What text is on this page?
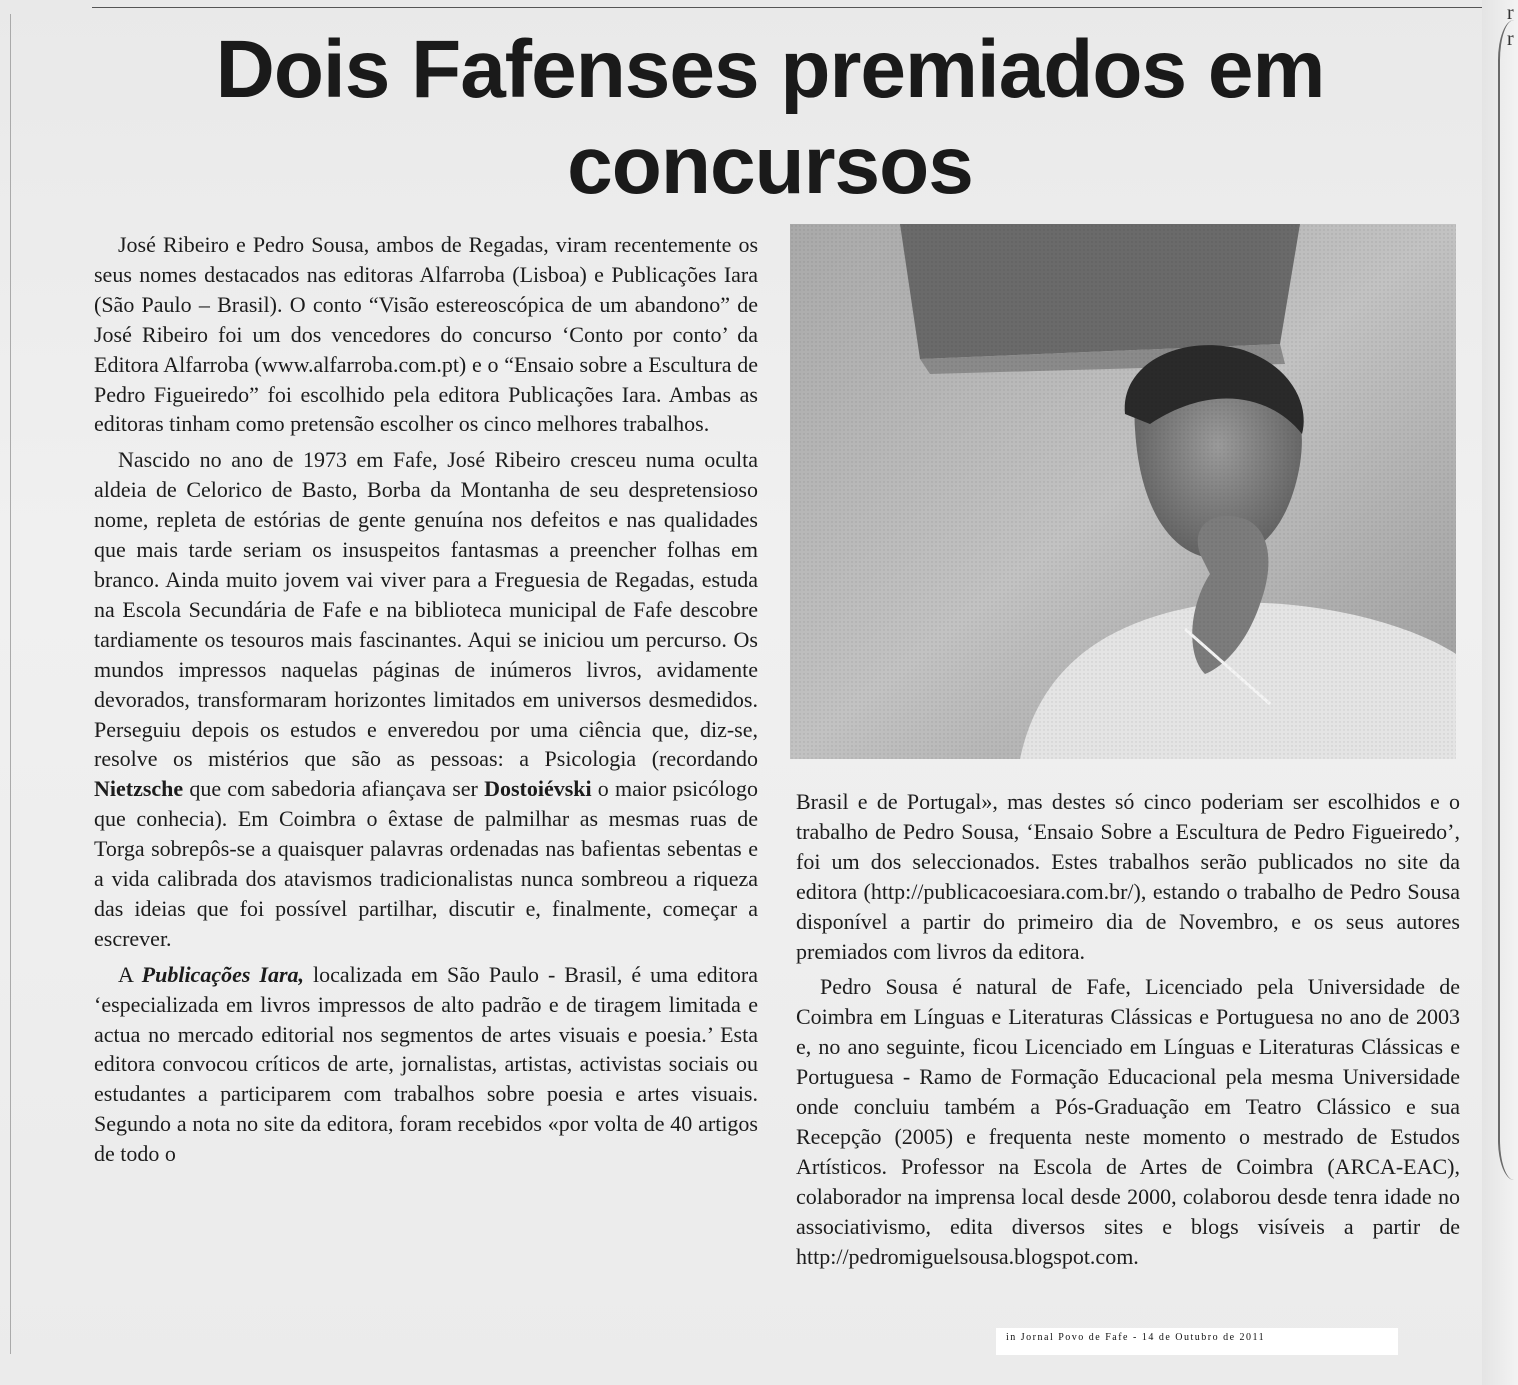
r
r
Dois Fafenses premiados em concursos

José Ribeiro e Pedro Sousa, ambos de Regadas, viram recentemente os seus nomes destacados nas editoras Alfarroba (Lisboa) e Publicações Iara (São Paulo – Brasil). O conto “Visão estereoscópica de um abandono” de José Ribeiro foi um dos vencedores do concurso ‘Conto por conto’ da Editora Alfarroba (www.alfarroba.com.pt) e o “Ensaio sobre a Escultura de Pedro Figueiredo” foi escolhido pela editora Publicações Iara. Ambas as editoras tinham como pretensão escolher os cinco melhores trabalhos.

Nascido no ano de 1973 em Fafe, José Ribeiro cresceu numa oculta aldeia de Celorico de Basto, Borba da Montanha de seu despretensioso nome, repleta de estórias de gente genuína nos defeitos e nas qualidades que mais tarde seriam os insuspeitos fantasmas a preencher folhas em branco. Ainda muito jovem vai viver para a Freguesia de Regadas, estuda na Escola Secundária de Fafe e na biblioteca municipal de Fafe descobre tardiamente os tesouros mais fascinantes. Aqui se iniciou um percurso. Os mundos impressos naquelas páginas de inúmeros livros, avidamente devorados, transformaram horizontes limitados em universos desmedidos. Perseguiu depois os estudos e enveredou por uma ciência que, diz-se, resolve os mistérios que são as pessoas: a Psicologia (recordando Nietzsche que com sabedoria afiançava ser Dostoiévski o maior psicólogo que conhecia). Em Coimbra o êxtase de palmilhar as mesmas ruas de Torga sobrepôs-se a quaisquer palavras ordenadas nas bafientas sebentas e a vida calibrada dos atavismos tradicionalistas nunca sombreou a riqueza das ideias que foi possível partilhar, discutir e, finalmente, começar a escrever.

A Publicações Iara, localizada em São Paulo - Brasil, é uma editora ‘especializada em livros impressos de alto padrão e de tiragem limitada e actua no mercado editorial nos segmentos de artes visuais e poesia.’ Esta editora convocou críticos de arte, jornalistas, artistas, activistas sociais ou estudantes a participarem com trabalhos sobre poesia e artes visuais. Segundo a nota no site da editora, foram recebidos «por volta de 40 artigos de todo o

Brasil e de Portugal», mas destes só cinco poderiam ser escolhidos e o trabalho de Pedro Sousa, ‘Ensaio Sobre a Escultura de Pedro Figueiredo’, foi um dos seleccionados. Estes trabalhos serão publicados no site da editora (http://publicacoesiara.com.br/), estando o trabalho de Pedro Sousa disponível a partir do primeiro dia de Novembro, e os seus autores premiados com livros da editora.

Pedro Sousa é natural de Fafe, Licenciado pela Universidade de Coimbra em Línguas e Literaturas Clássicas e Portuguesa no ano de 2003 e, no ano seguinte, ficou Licenciado em Línguas e Literaturas Clássicas e Portuguesa - Ramo de Formação Educacional pela mesma Universidade onde concluiu também a Pós-Graduação em Teatro Clássico e sua Recepção (2005) e frequenta neste momento o mestrado de Estudos Artísticos. Professor na Escola de Artes de Coimbra (ARCA-EAC), colaborador na imprensa local desde 2000, colaborou desde tenra idade no associativismo, edita diversos sites e blogs visíveis a partir de http://pedromiguelsousa.blogspot.com.

in Jornal Povo de Fafe - 14 de Outubro de 2011
